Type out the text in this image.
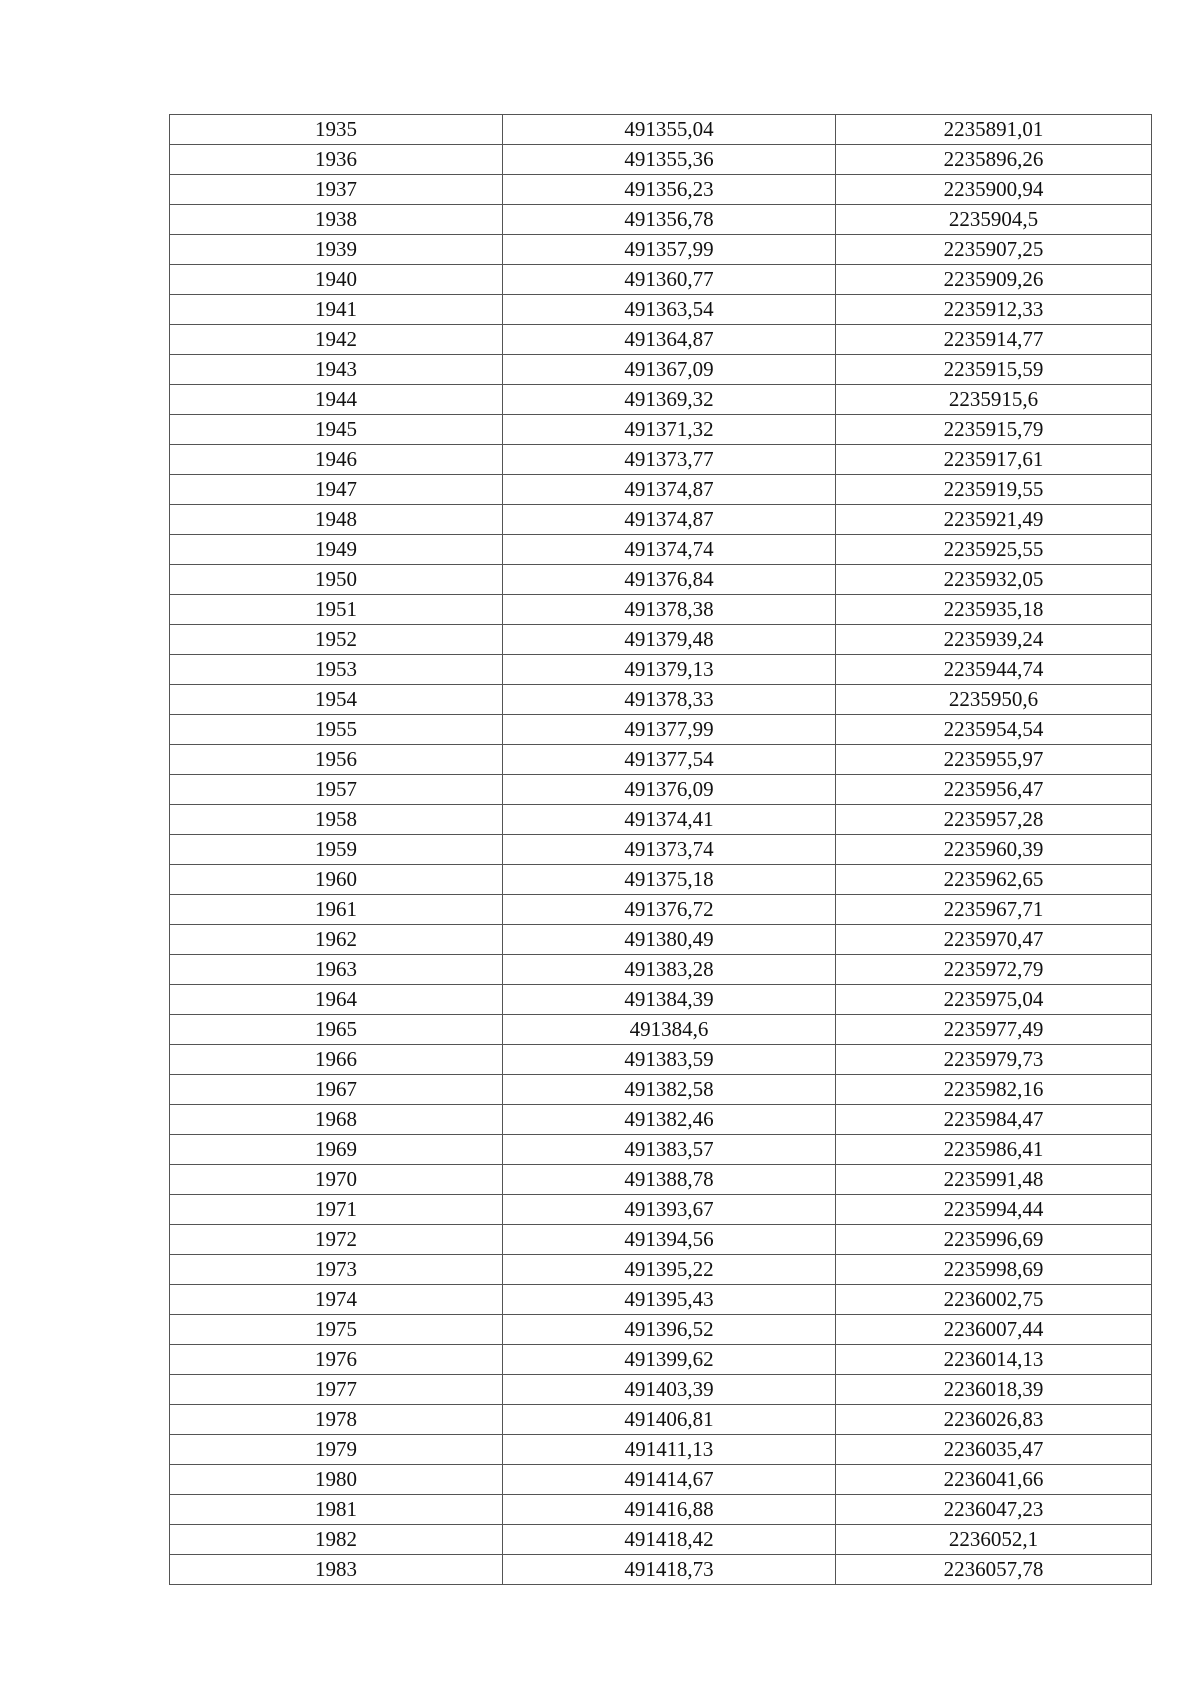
1935	491355,04	2235891,01
1936	491355,36	2235896,26
1937	491356,23	2235900,94
1938	491356,78	2235904,5
1939	491357,99	2235907,25
1940	491360,77	2235909,26
1941	491363,54	2235912,33
1942	491364,87	2235914,77
1943	491367,09	2235915,59
1944	491369,32	2235915,6
1945	491371,32	2235915,79
1946	491373,77	2235917,61
1947	491374,87	2235919,55
1948	491374,87	2235921,49
1949	491374,74	2235925,55
1950	491376,84	2235932,05
1951	491378,38	2235935,18
1952	491379,48	2235939,24
1953	491379,13	2235944,74
1954	491378,33	2235950,6
1955	491377,99	2235954,54
1956	491377,54	2235955,97
1957	491376,09	2235956,47
1958	491374,41	2235957,28
1959	491373,74	2235960,39
1960	491375,18	2235962,65
1961	491376,72	2235967,71
1962	491380,49	2235970,47
1963	491383,28	2235972,79
1964	491384,39	2235975,04
1965	491384,6	2235977,49
1966	491383,59	2235979,73
1967	491382,58	2235982,16
1968	491382,46	2235984,47
1969	491383,57	2235986,41
1970	491388,78	2235991,48
1971	491393,67	2235994,44
1972	491394,56	2235996,69
1973	491395,22	2235998,69
1974	491395,43	2236002,75
1975	491396,52	2236007,44
1976	491399,62	2236014,13
1977	491403,39	2236018,39
1978	491406,81	2236026,83
1979	491411,13	2236035,47
1980	491414,67	2236041,66
1981	491416,88	2236047,23
1982	491418,42	2236052,1
1983	491418,73	2236057,78
